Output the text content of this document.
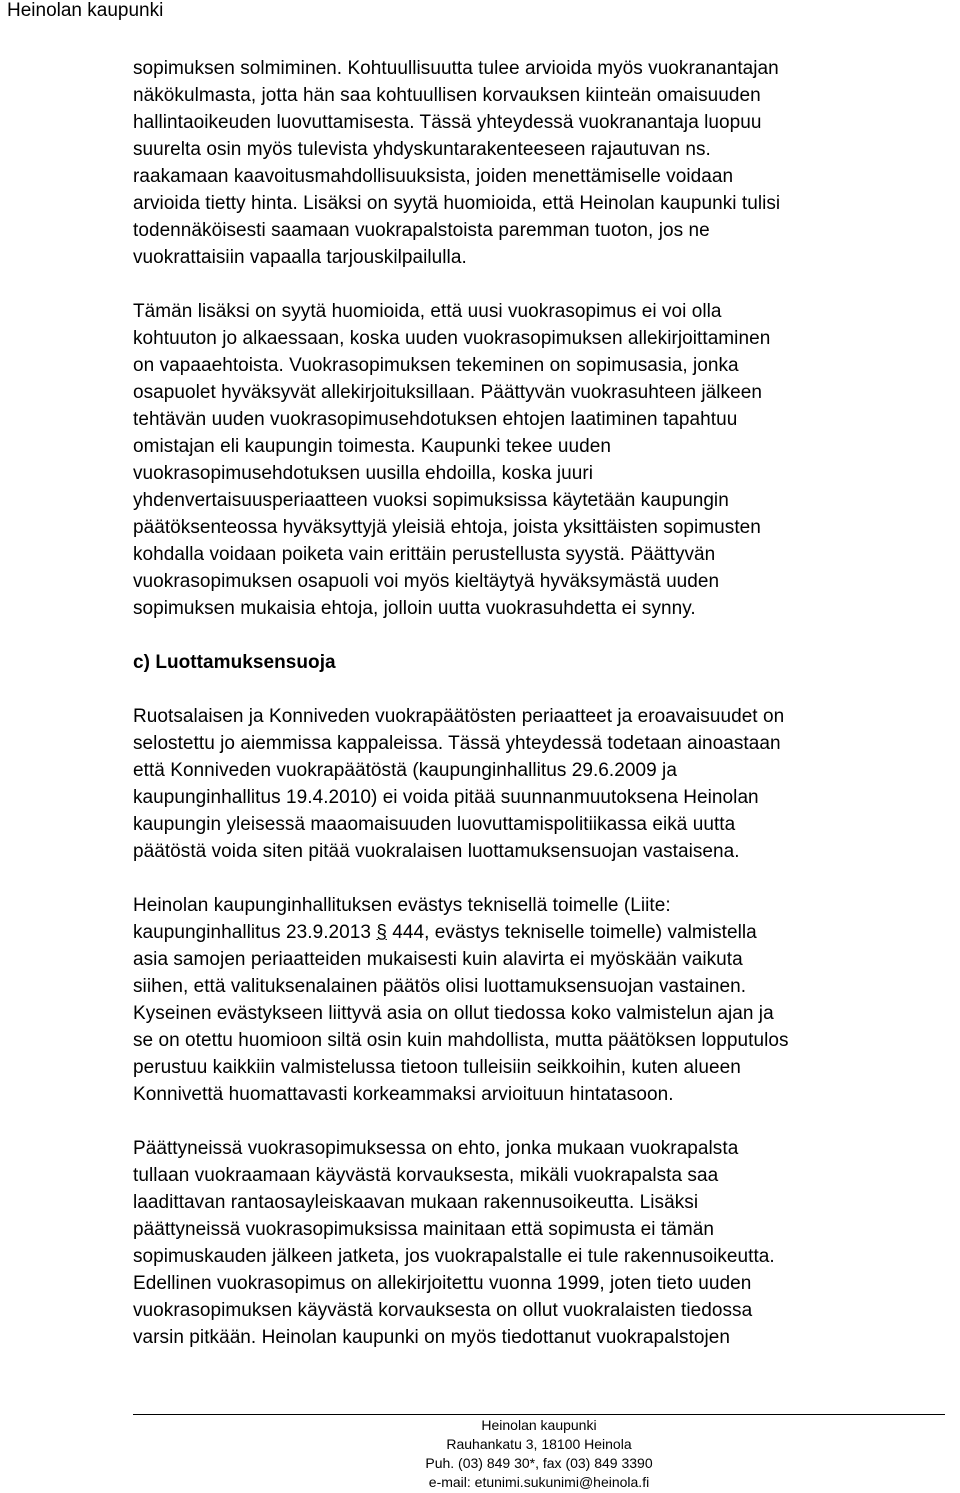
Heinolan kaupunki

sopimuksen solmiminen. Kohtuullisuutta tulee arvioida myös vuokranantajan

näkökulmasta, jotta hän saa kohtuullisen korvauksen kiinteän omaisuuden

hallintaoikeuden luovuttamisesta. Tässä yhteydessä vuokranantaja luopuu

suurelta osin myös tulevista yhdyskuntarakenteeseen rajautuvan ns.

raakamaan kaavoitusmahdollisuuksista, joiden menettämiselle voidaan

arvioida tietty hinta. Lisäksi on syytä huomioida, että Heinolan kaupunki tulisi

todennäköisesti saamaan vuokrapalstoista paremman tuoton, jos ne

vuokrattaisiin vapaalla tarjouskilpailulla.

Tämän lisäksi on syytä huomioida, että uusi vuokrasopimus ei voi olla

kohtuuton jo alkaessaan, koska uuden vuokrasopimuksen allekirjoittaminen

on vapaaehtoista. Vuokrasopimuksen tekeminen on sopimusasia, jonka

osapuolet hyväksyvät allekirjoituksillaan. Päättyvän vuokrasuhteen jälkeen

tehtävän uuden vuokrasopimusehdotuksen ehtojen laatiminen tapahtuu

omistajan eli kaupungin toimesta. Kaupunki tekee uuden

vuokrasopimusehdotuksen uusilla ehdoilla, koska juuri

yhdenvertaisuusperiaatteen vuoksi sopimuksissa käytetään kaupungin

päätöksenteossa hyväksyttyjä yleisiä ehtoja, joista yksittäisten sopimusten

kohdalla voidaan poiketa vain erittäin perustellusta syystä. Päättyvän

vuokrasopimuksen osapuoli voi myös kieltäytyä hyväksymästä uuden

sopimuksen mukaisia ehtoja, jolloin uutta vuokrasuhdetta ei synny.

c) Luottamuksensuoja

Ruotsalaisen ja Konniveden vuokrapäätösten periaatteet ja eroavaisuudet on

selostettu jo aiemmissa kappaleissa. Tässä yhteydessä todetaan ainoastaan

että Konniveden vuokrapäätöstä (kaupunginhallitus 29.6.2009 ja

kaupunginhallitus 19.4.2010) ei voida pitää suunnanmuutoksena Heinolan

kaupungin yleisessä maaomaisuuden luovuttamispolitiikassa eikä uutta

päätöstä voida siten pitää vuokralaisen luottamuksensuojan vastaisena.

Heinolan kaupunginhallituksen evästys teknisellä toimelle (Liite:

kaupunginhallitus 23.9.2013 § 444, evästys tekniselle toimelle) valmistella

asia samojen periaatteiden mukaisesti kuin alavirta ei myöskään vaikuta

siihen, että valituksenalainen päätös olisi luottamuksensuojan vastainen.

Kyseinen evästykseen liittyvä asia on ollut tiedossa koko valmistelun ajan ja

se on otettu huomioon siltä osin kuin mahdollista, mutta päätöksen lopputulos

perustuu kaikkiin valmistelussa tietoon tulleisiin seikkoihin, kuten alueen

Konnivettä huomattavasti korkeammaksi arvioituun hintatasoon.

Päättyneissä vuokrasopimuksessa on ehto, jonka mukaan vuokrapalsta

tullaan vuokraamaan käyvästä korvauksesta, mikäli vuokrapalsta saa

laadittavan rantaosayleiskaavan mukaan rakennusoikeutta. Lisäksi

päättyneissä vuokrasopimuksissa mainitaan että sopimusta ei tämän

sopimuskauden jälkeen jatketa, jos vuokrapalstalle ei tule rakennusoikeutta.

Edellinen vuokrasopimus on allekirjoitettu vuonna 1999, joten tieto uuden

vuokrasopimuksen käyvästä korvauksesta on ollut vuokralaisten tiedossa

varsin pitkään. Heinolan kaupunki on myös tiedottanut vuokrapalstojen

Heinolan kaupunki
Rauhankatu 3, 18100 Heinola
Puh. (03) 849 30*, fax (03) 849 3390
e-mail: etunimi.sukunimi@heinola.fi
